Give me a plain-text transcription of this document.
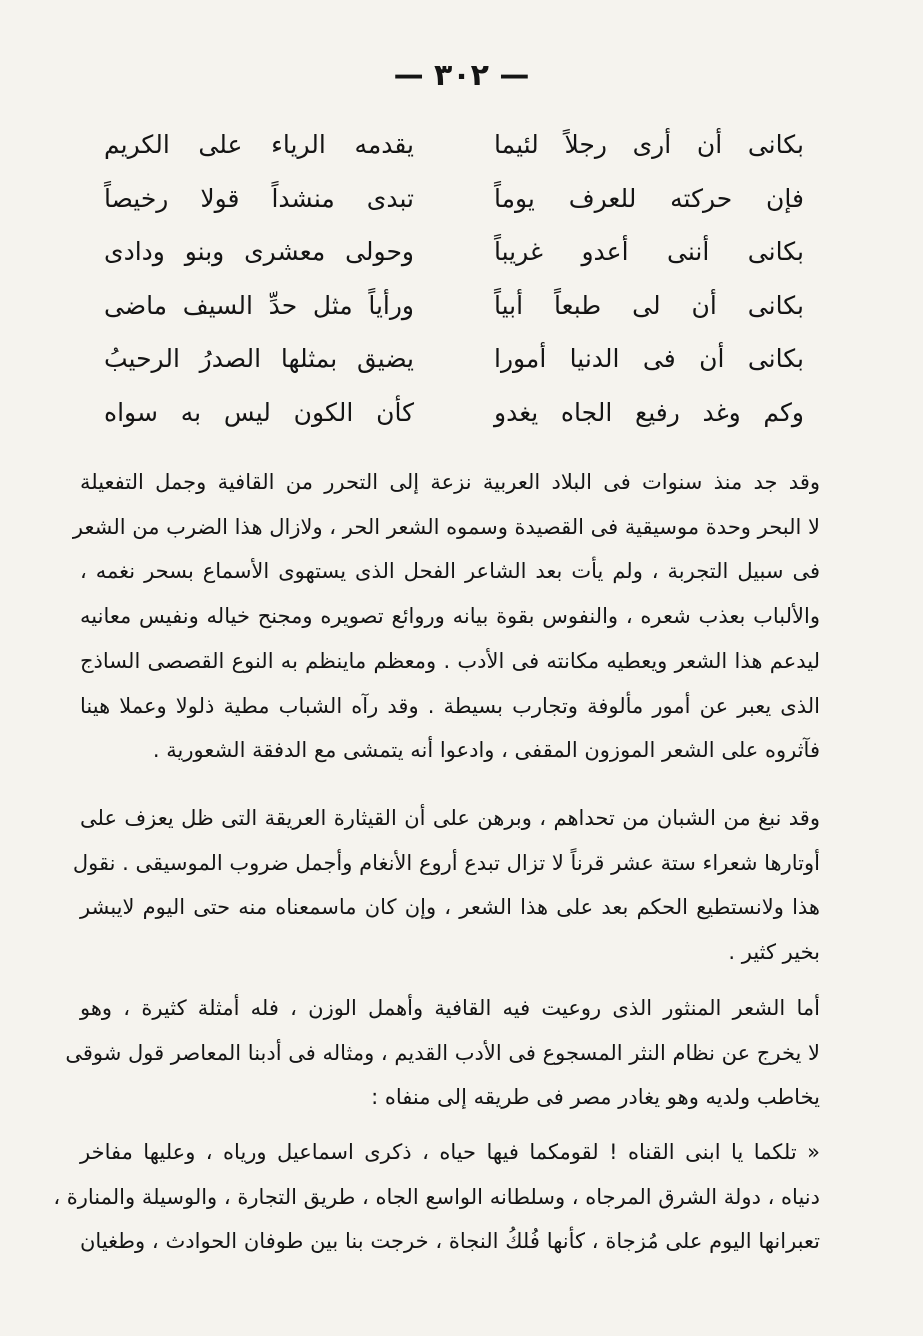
— ٣٠٢ —
بكانى أن أرى رجلاً لئيما
يقدمه الرياء على الكريم
فإن حركته للعرف يوماً
تبدى منشداً قولا رخيصاً
بكانى أننى أعدو غريباً
وحولى معشرى وبنو ودادى
بكانى أن لى طبعاً أبياً
ورأياً مثل حدِّ السيف ماضى
بكانى أن فى الدنيا أمورا
يضيق بمثلها الصدرُ الرحيبُ
وكم وغد رفيع الجاه يغدو
كأن الكون ليس به سواه
وقد جد منذ سنوات فى البلاد العربية نزعة إلى التحرر من القافية وجمل التفعيلة
لا البحر وحدة موسيقية فى القصيدة وسموه الشعر الحر ، ولازال هذا الضرب من الشعر
فى سبيل التجربة ، ولم يأت بعد الشاعر الفحل الذى يستهوى الأسماع بسحر نغمه ،
والألباب بعذب شعره ، والنفوس بقوة بيانه وروائع تصويره ومجنح خياله ونفيس معانيه
ليدعم هذا الشعر ويعطيه مكانته فى الأدب . ومعظم ماينظم به النوع القصصى الساذج
الذى يعبر عن أمور مألوفة وتجارب بسيطة . وقد رآه الشباب مطية ذلولا وعملا هينا
فآثروه على الشعر الموزون المقفى ، وادعوا أنه يتمشى مع الدفقة الشعورية .
وقد نبغ من الشبان من تحداهم ، وبرهن على أن القيثارة العريقة التى ظل يعزف على
أوتارها شعراء ستة عشر قرناً لا تزال تبدع أروع الأنغام وأجمل ضروب الموسيقى . نقول
هذا ولانستطيع الحكم بعد على هذا الشعر ، وإن كان ماسمعناه منه حتى اليوم لايبشر
بخير كثير .
أما الشعر المنثور الذى روعيت فيه القافية وأهمل الوزن ، فله أمثلة كثيرة ، وهو
لا يخرج عن نظام النثر المسجوع فى الأدب القديم ، ومثاله فى أدبنا المعاصر قول شوقى
يخاطب ولديه وهو يغادر مصر فى طريقه إلى منفاه :
« تلكما يا ابنى القناه ! لقومكما فيها حياه ، ذكرى اسماعيل ورياه ، وعليها مفاخر
دنياه ، دولة الشرق المرجاه ، وسلطانه الواسع الجاه ، طريق التجارة ، والوسيلة والمنارة ،
تعبرانها اليوم على مُزجاة ، كأنها فُلكُ النجاة ، خرجت بنا بين طوفان الحوادث ، وطغيان
